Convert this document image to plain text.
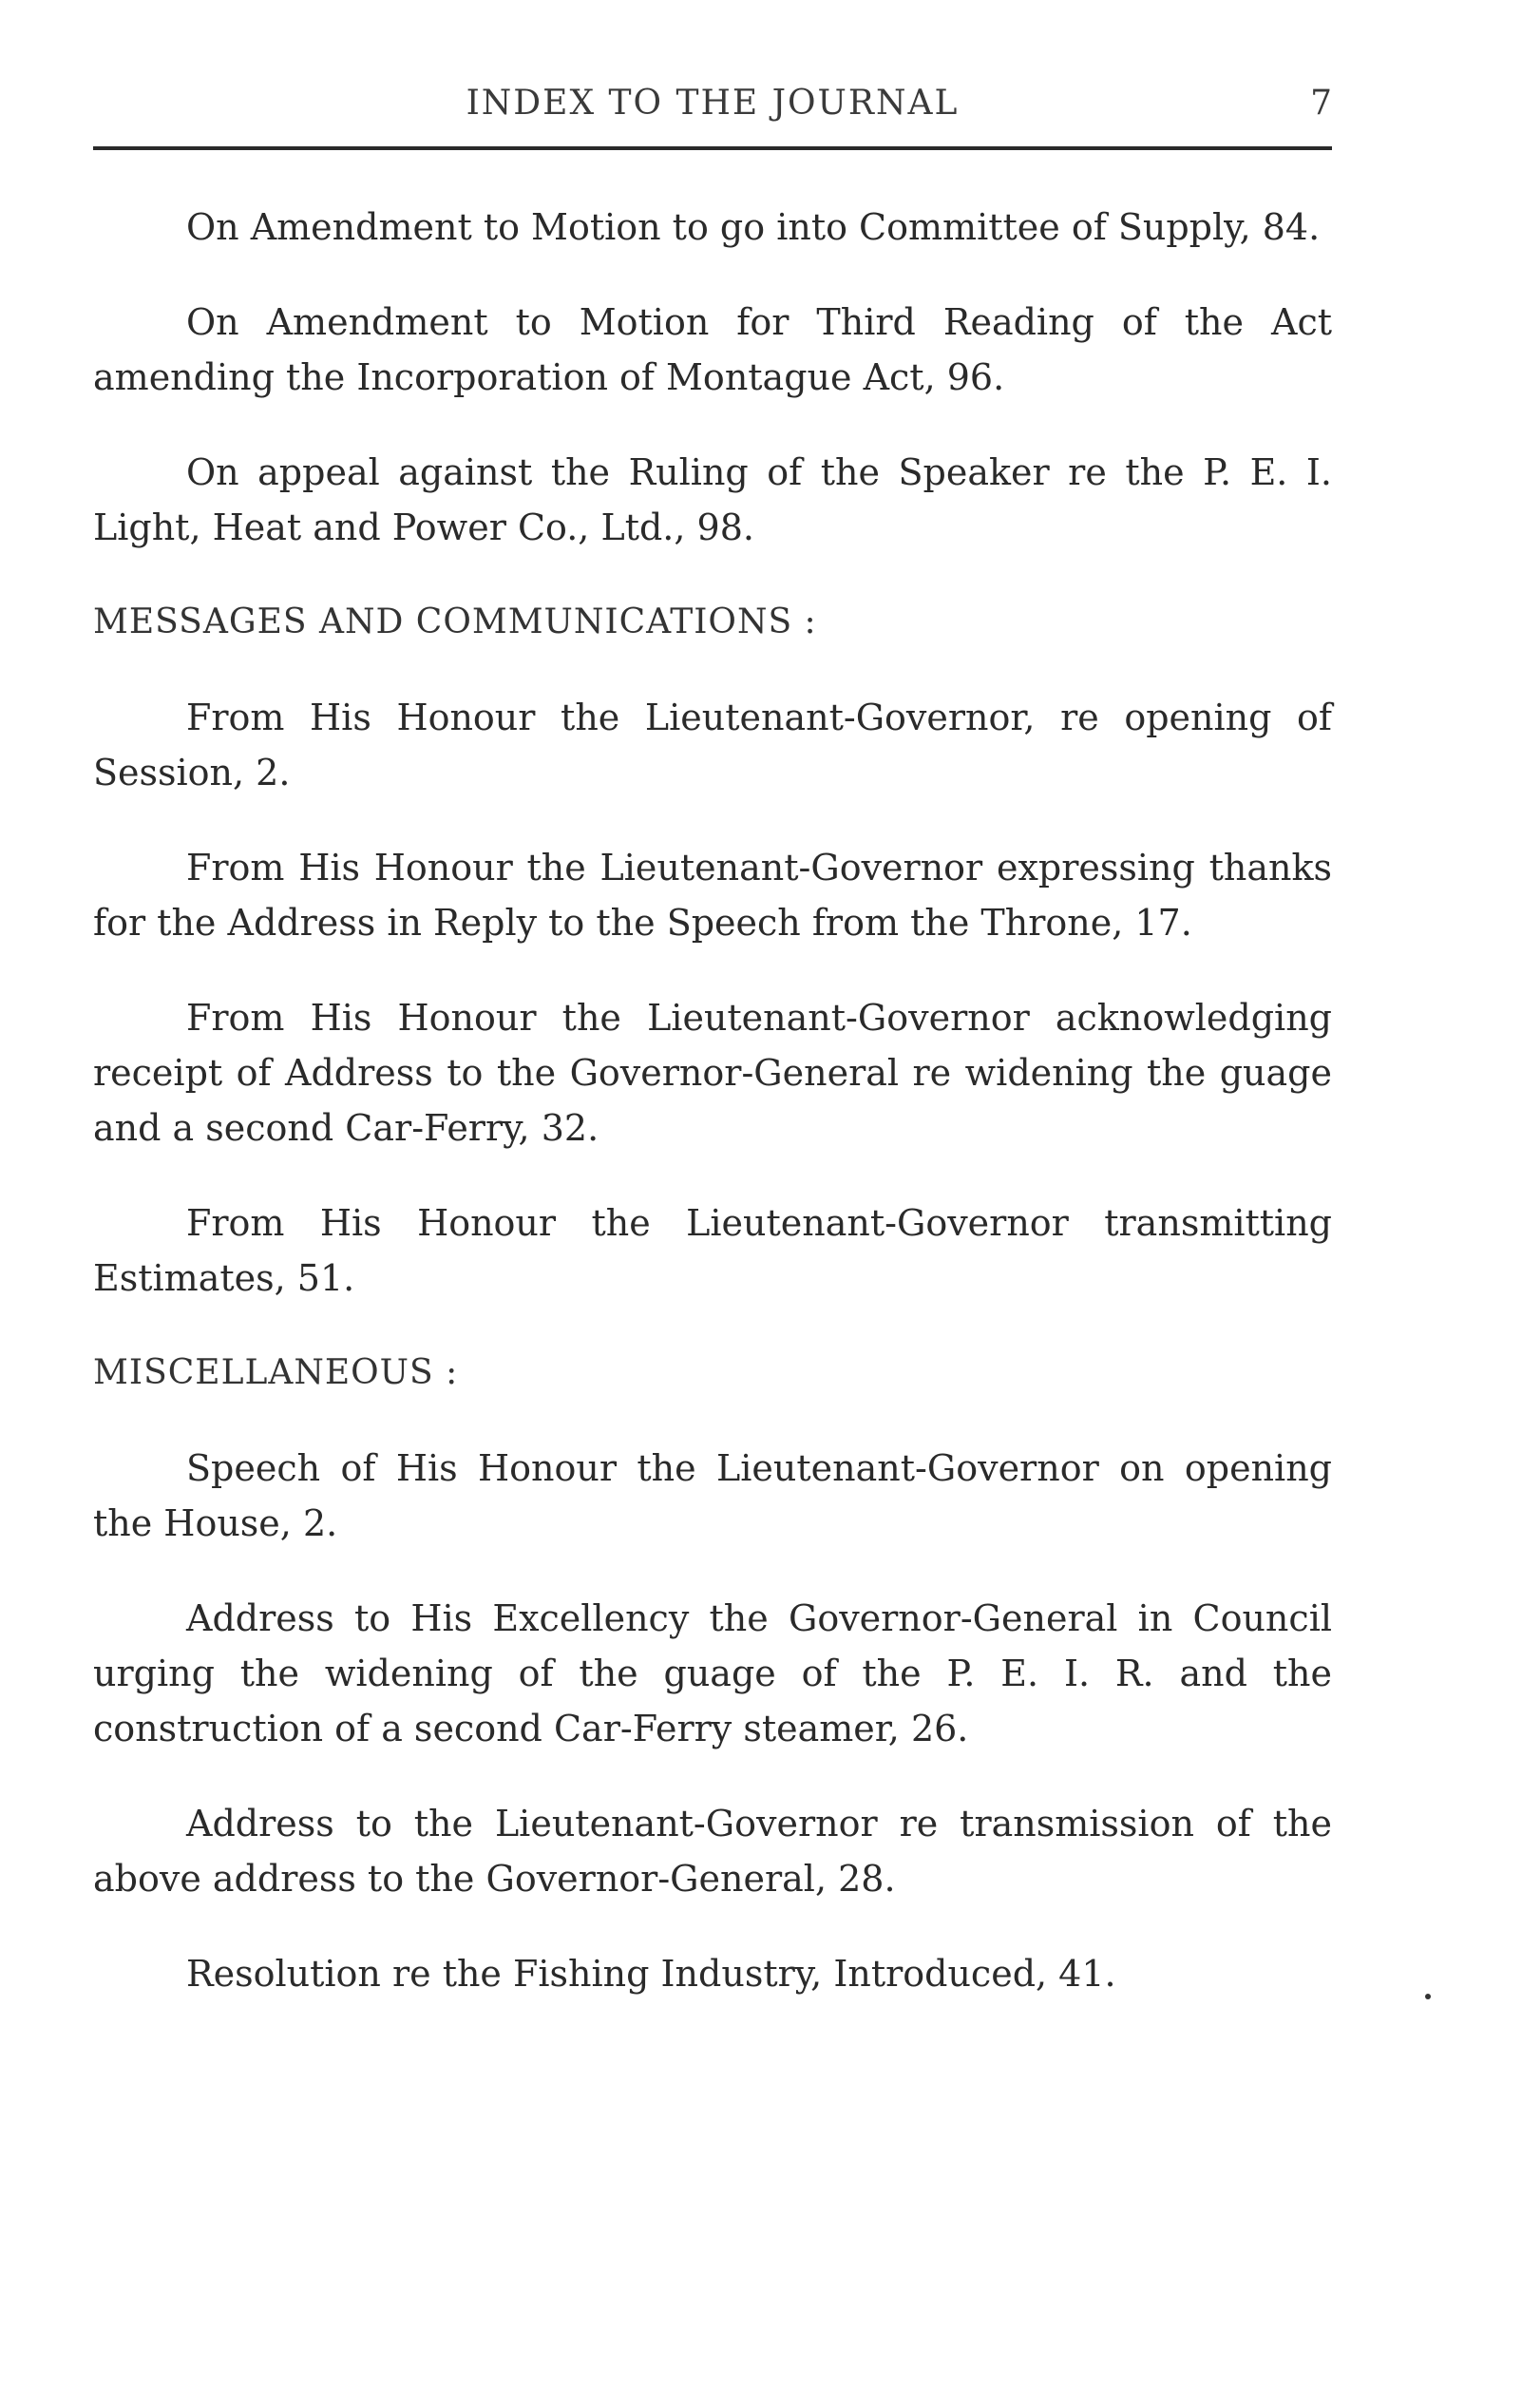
INDEX TO THE JOURNAL	7

On Amendment to Motion to go into Committee of Supply, 84.

On Amendment to Motion for Third Reading of the Act amending the Incorporation of Montague Act, 96.

On appeal against the Ruling of the Speaker re the P. E. I. Light, Heat and Power Co., Ltd., 98.

MESSAGES AND COMMUNICATIONS :

From His Honour the Lieutenant-Governor, re opening of Session, 2.

From His Honour the Lieutenant-Governor expressing thanks for the Address in Reply to the Speech from the Throne, 17.

From His Honour the Lieutenant-Governor acknowledging receipt of Address to the Governor-General re widening the guage and a second Car-Ferry, 32.

From His Honour the Lieutenant-Governor transmitting Estimates, 51.

MISCELLANEOUS :

Speech of His Honour the Lieutenant-Governor on opening the House, 2.

Address to His Excellency the Governor-General in Council urging the widening of the guage of the P. E. I. R. and the construction of a second Car-Ferry steamer, 26.

Address to the Lieutenant-Governor re transmission of the above address to the Governor-General, 28.

Resolution re the Fishing Industry, Introduced, 41.
